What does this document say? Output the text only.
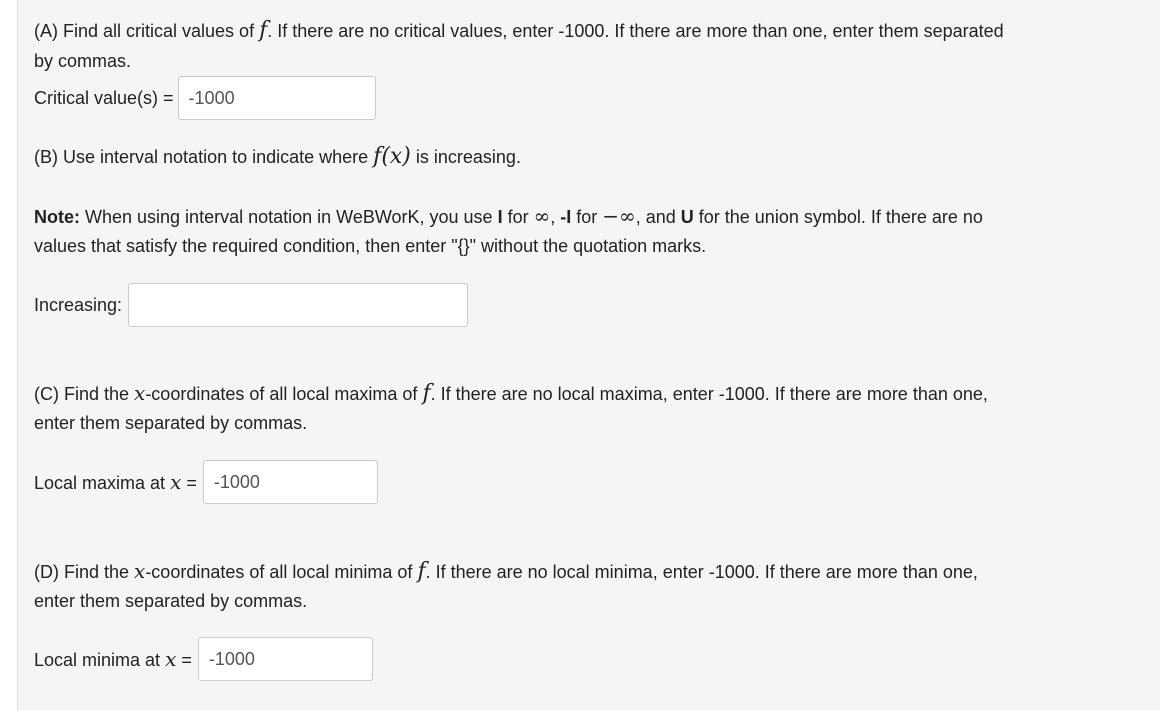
(A) Find all critical values of f. If there are no critical values, enter -1000. If there are more than one, enter them separated
by commas.
Critical value(s) =
-1000
(B) Use interval notation to indicate where f(x) is increasing.
Note: When using interval notation in WeBWorK, you use I for ∞, -I for −∞, and U for the union symbol. If there are no
values that satisfy the required condition, then enter "{}" without the quotation marks.
Increasing:
(C) Find the x-coordinates of all local maxima of f. If there are no local maxima, enter -1000. If there are more than one,
enter them separated by commas.
Local maxima at x =
-1000
(D) Find the x-coordinates of all local minima of f. If there are no local minima, enter -1000. If there are more than one,
enter them separated by commas.
Local minima at x =
-1000
